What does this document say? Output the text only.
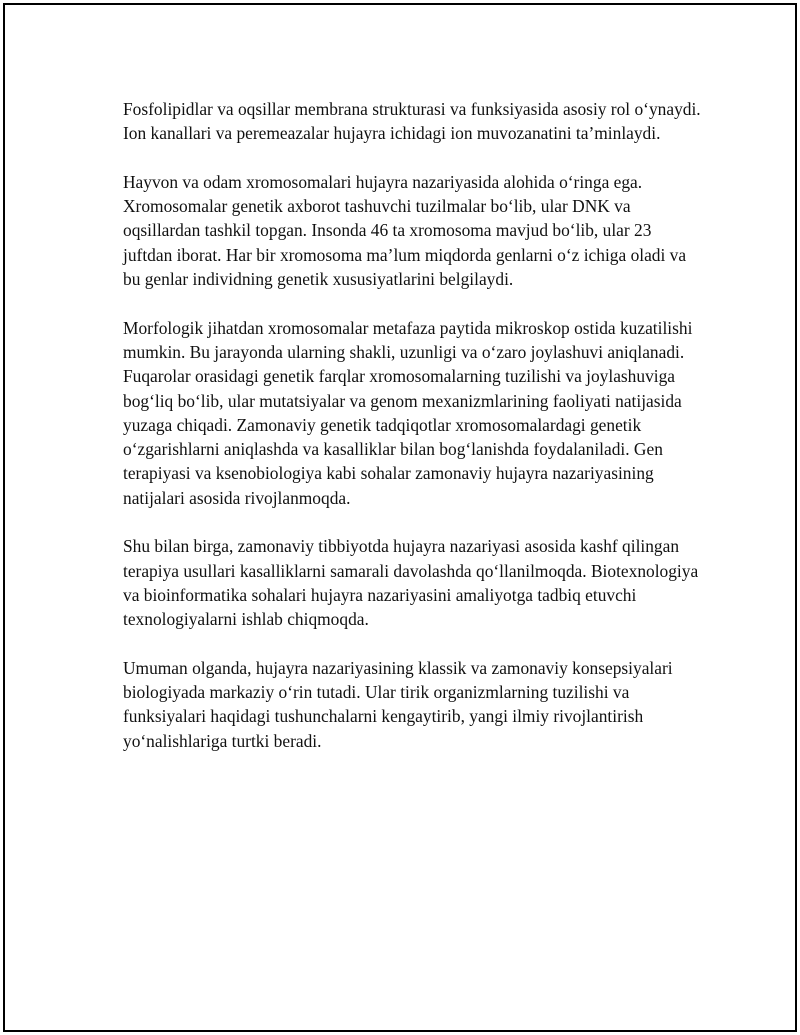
Fosfolipidlar va oqsillar membrana strukturasi va funksiyasida asosiy rol o‘ynaydi. Ion kanallari va peremeazalar hujayra ichidagi ion muvozanatini ta’minlaydi.

Hayvon va odam xromosomalari hujayra nazariyasida alohida o‘ringa ega. Xromosomalar genetik axborot tashuvchi tuzilmalar bo‘lib, ular DNK va oqsillardan tashkil topgan. Insonda 46 ta xromosoma mavjud bo‘lib, ular 23 juftdan iborat. Har bir xromosoma ma’lum miqdorda genlarni o‘z ichiga oladi va bu genlar individning genetik xususiyatlarini belgilaydi.

Morfologik jihatdan xromosomalar metafaza paytida mikroskop ostida kuzatilishi mumkin. Bu jarayonda ularning shakli, uzunligi va o‘zaro joylashuvi aniqlanadi. Fuqarolar orasidagi genetik farqlar xromosomalarning tuzilishi va joylashuviga bog‘liq bo‘lib, ular mutatsiyalar va genom mexanizmlarining faoliyati natijasida yuzaga chiqadi. Zamonaviy genetik tadqiqotlar xromosomalardagi genetik o‘zgarishlarni aniqlashda va kasalliklar bilan bog‘lanishda foydalaniladi. Gen terapiyasi va ksenobiologiya kabi sohalar zamonaviy hujayra nazariyasining natijalari asosida rivojlanmoqda.

Shu bilan birga, zamonaviy tibbiyotda hujayra nazariyasi asosida kashf qilingan terapiya usullari kasalliklarni samarali davolashda qo‘llanilmoqda. Biotexnologiya va bioinformatika sohalari hujayra nazariyasini amaliyotga tadbiq etuvchi texnologiyalarni ishlab chiqmoqda.

Umuman olganda, hujayra nazariyasining klassik va zamonaviy konsepsiyalari biologiyada markaziy o‘rin tutadi. Ular tirik organizmlarning tuzilishi va funksiyalari haqidagi tushunchalarni kengaytirib, yangi ilmiy rivojlantirish yo‘nalishlariga turtki beradi.
